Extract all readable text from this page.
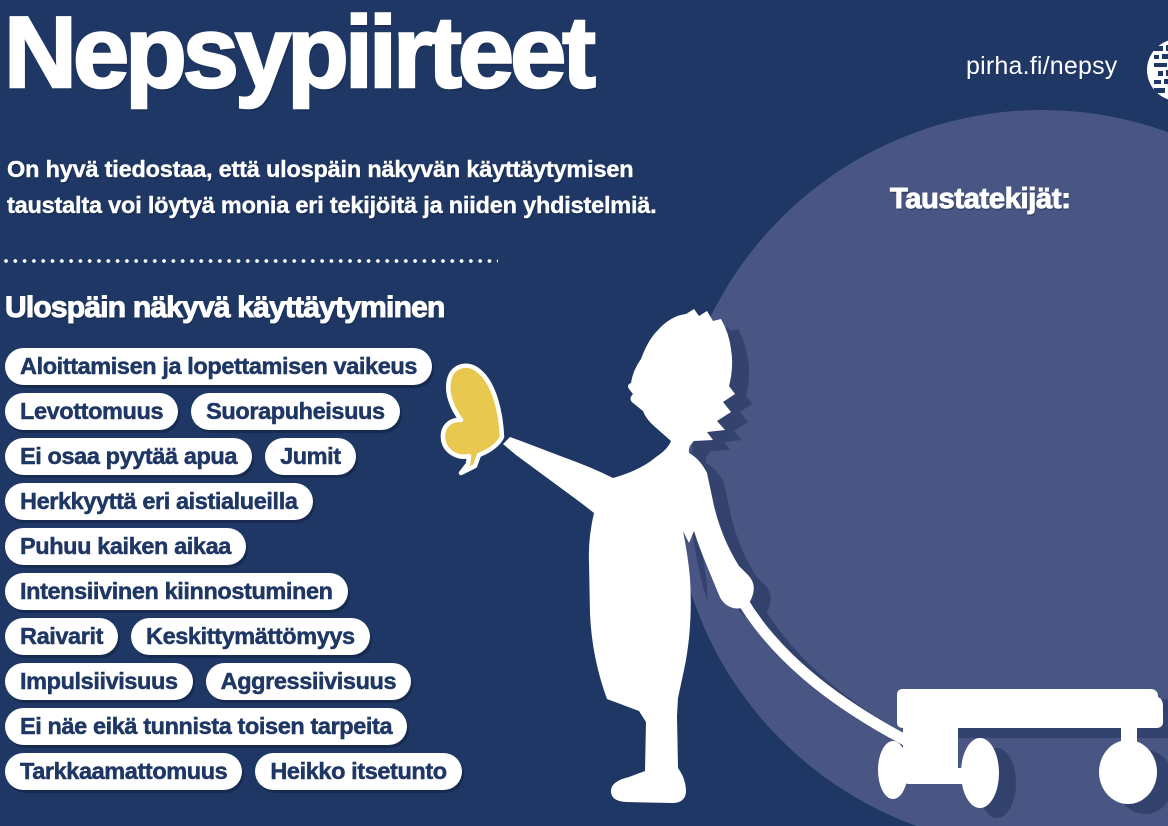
Nepsypiirteet	pirha.fi/nepsy
On hyvä tiedostaa, että ulospäin näkyvän käyttäytymisen
taustalta voi löytyä monia eri tekijöitä ja niiden yhdistelmiä.
Ulospäin näkyvä käyttäytyminen
Aloittamisen ja lopettamisen vaikeus
Levottomuus	Suorapuheisuus
Ei osaa pyytää apua	Jumit
Herkkyyttä eri aistialueilla
Puhuu kaiken aikaa
Intensiivinen kiinnostuminen
Raivarit	Keskittymättömyys
Impulsiivisuus	Aggressiivisuus
Ei näe eikä tunnista toisen tarpeita
Tarkkaamattomuus	Heikko itsetunto
Taustatekijät:
